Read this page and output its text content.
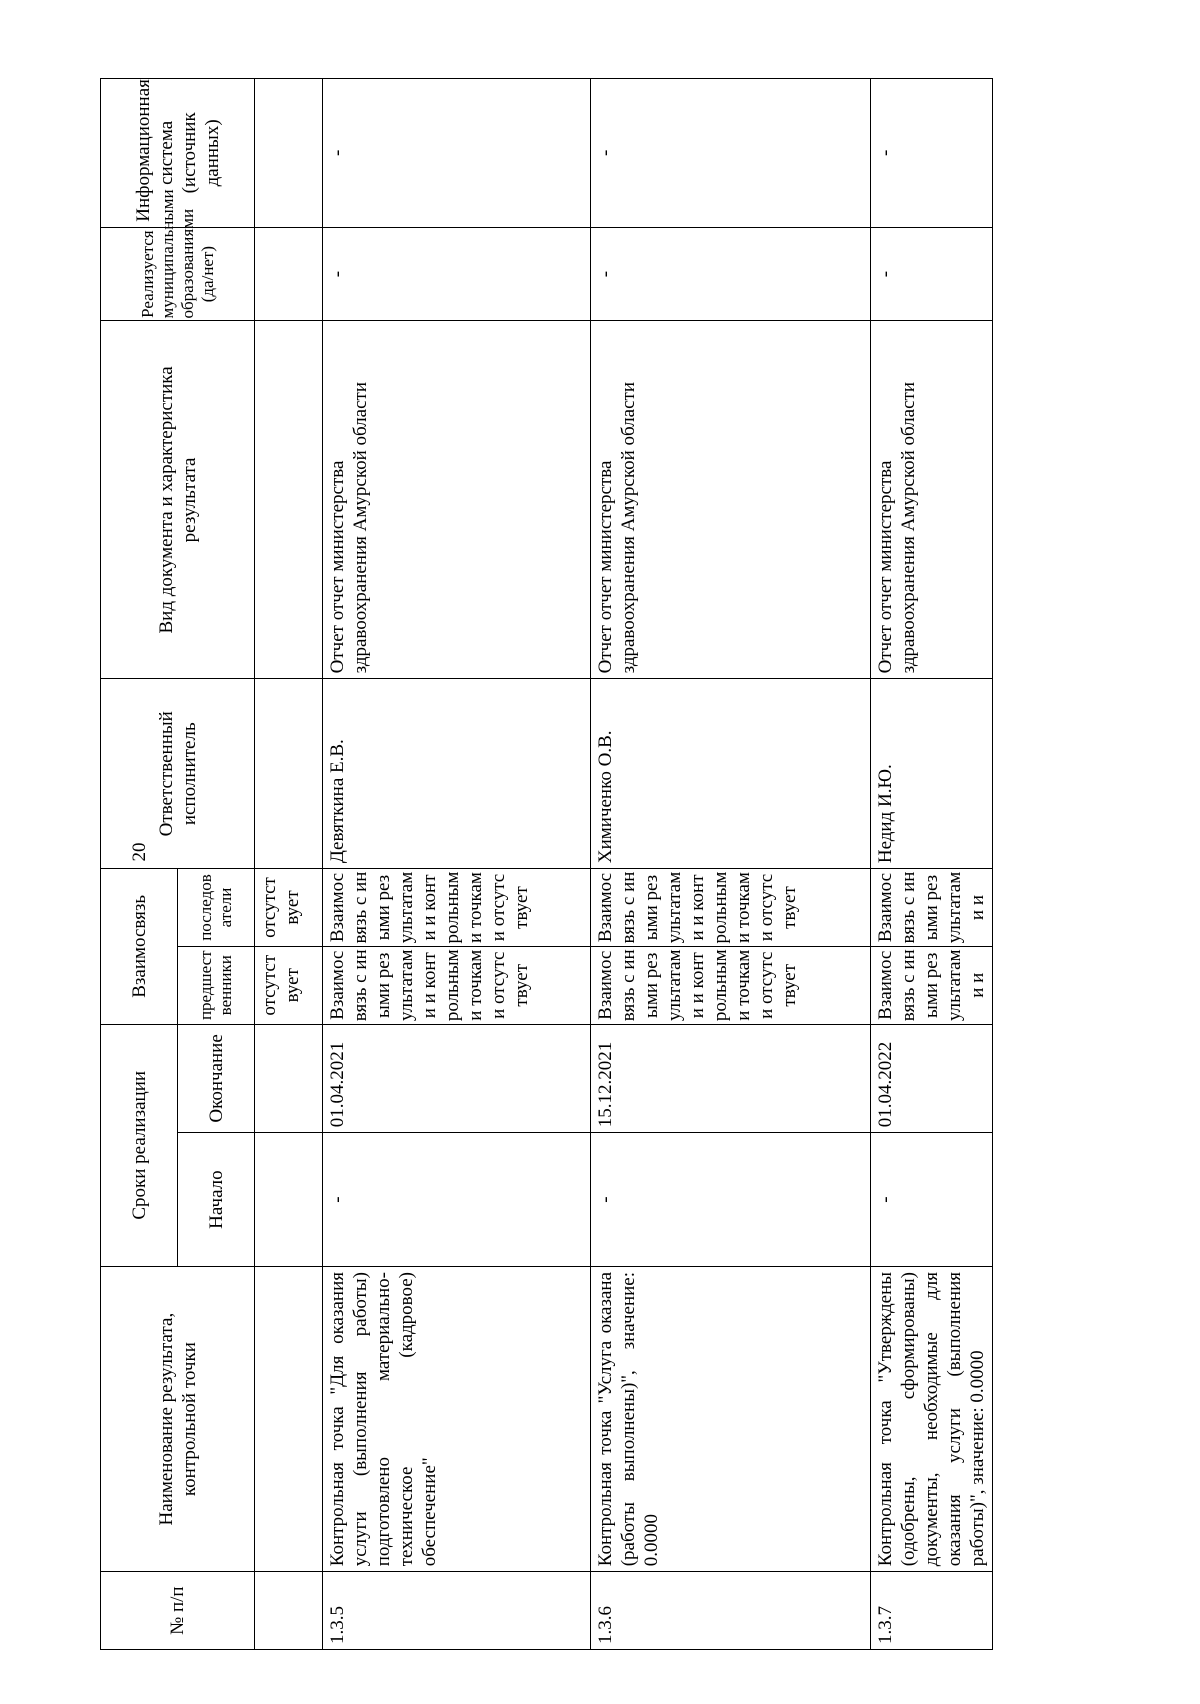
20
№ п/п	Наименование результата, контрольной точки	Сроки реализации		Взаимосвязь		Ответственный исполнитель	Вид документа и характеристика результата	Реализуется муниципальными образованиями (да/нет)	Информационная система (источник данных)
		Начало	Окончание	предшественники	последователи				
				отсутствует	отсутствует				
1.3.5	Контрольная точка "Для оказания услуги (выполнения работы) подготовлено материально-техническое (кадровое) обеспечение"	-	01.04.2021	Взаимосвязь с иными результатами и контрольными точками отсутствует	Взаимосвязь с иными результатами и контрольными точками отсутствует	Девяткина Е.В.	Отчет отчет министерства здравоохранения Амурской области	-	-
1.3.6	Контрольная точка "Услуга оказана (работы выполнены)", значение: 0.0000	-	15.12.2021	Взаимосвязь с иными результатами и контрольными точками отсутствует	Взаимосвязь с иными результатами и контрольными точками отсутствует	Химиченко О.В.	Отчет отчет министерства здравоохранения Амурской области	-	-
1.3.7	Контрольная точка "Утверждены (одобрены, сформированы) документы, необходимые для оказания услуги (выполнения работы)", значение: 0.0000	-	01.04.2022	Взаимосвязь с иными результатами и	Взаимосвязь с иными результатами и	Недид И.Ю.	Отчет отчет министерства здравоохранения Амурской области	-	-
